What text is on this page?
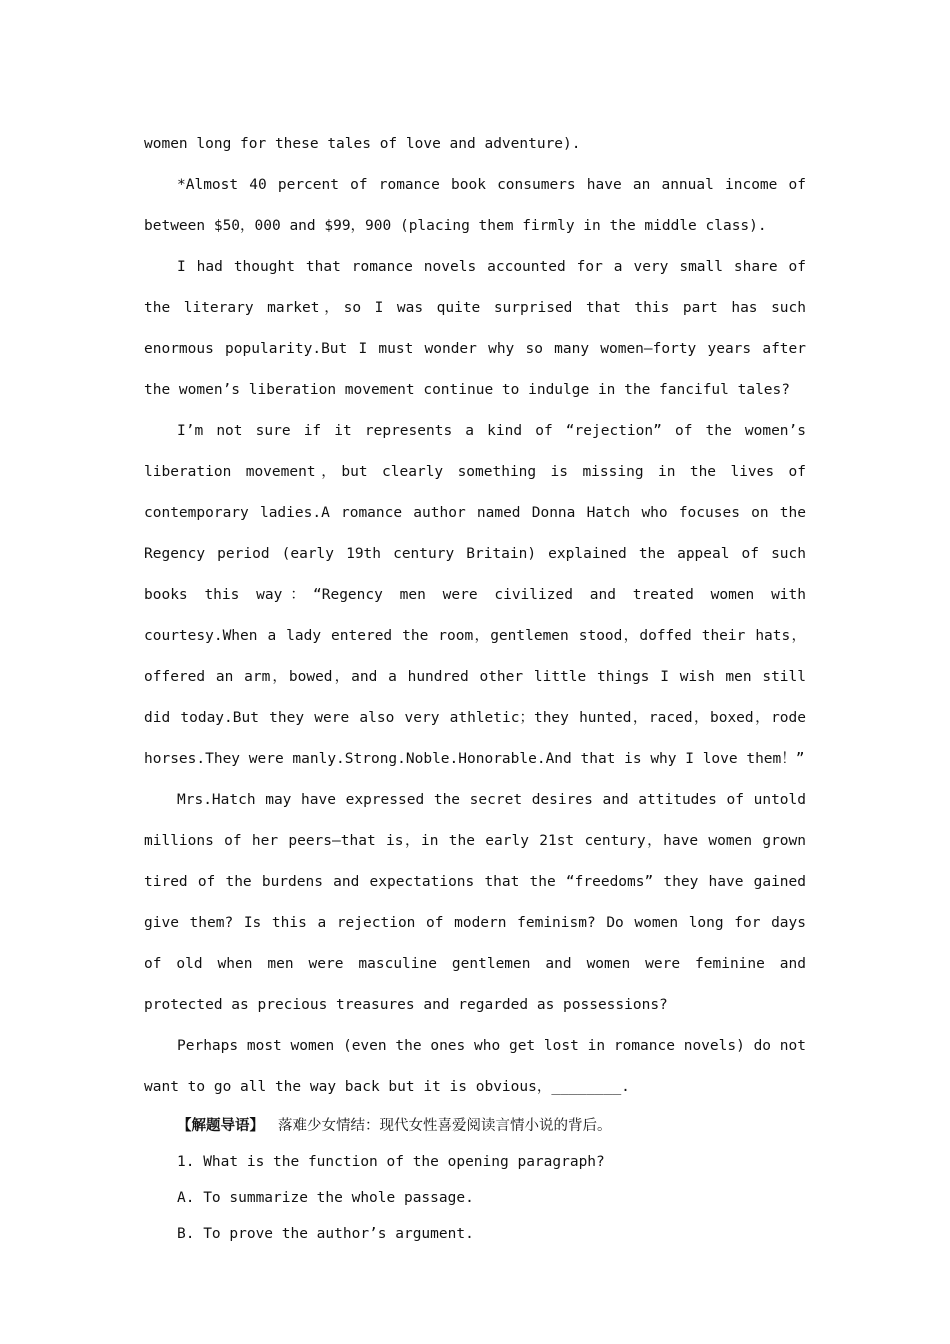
women long for these tales of love and adventure).

*Almost 40 percent of romance book consumers have an annual income of between $50，000 and $99，900 (placing them firmly in the middle class).

I had thought that romance novels accounted for a very small share of the literary market，so I was quite surprised that this part has such enormous popularity.But I must wonder why so many women—forty years after the women’s liberation movement continue to indulge in the fanciful tales?

I’m not sure if it represents a kind of “rejection” of the women’s liberation movement，but clearly something is missing in the lives of contemporary ladies.A romance author named Donna Hatch who focuses on the Regency period (early 19th century Britain) explained the appeal of such books this way：“Regency men were civilized and treated women with courtesy.When a lady entered the room，gentlemen stood，doffed their hats，offered an arm，bowed，and a hundred other little things I wish men still did today.But they were also very athletic；they hunted，raced，boxed，rode horses.They were manly.Strong.Noble.Honorable.And that is why I love them！”

Mrs.Hatch may have expressed the secret desires and attitudes of untold millions of her peers—that is，in the early 21st century，have women grown tired of the burdens and expectations that the “freedoms” they have gained give them? Is this a rejection of modern feminism? Do women long for days of old when men were masculine gentlemen and women were feminine and protected as precious treasures and regarded as possessions?

Perhaps most women (even the ones who get lost in romance novels) do not want to go all the way back but it is obvious，________.

【解题导语】 落难少女情结：现代女性喜爱阅读言情小说的背后。

1. What is the function of the opening paragraph?

A. To summarize the whole passage.

B. To prove the author’s argument.
